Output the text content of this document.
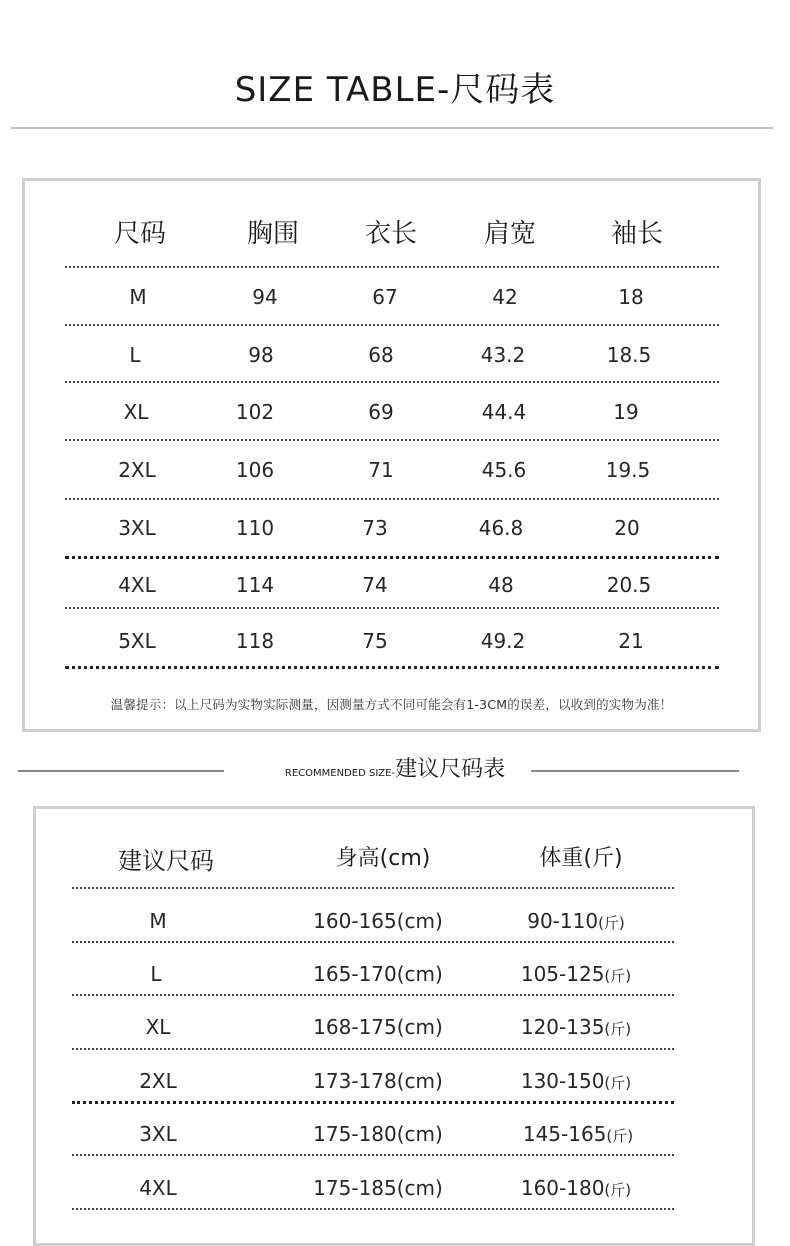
SIZE TABLE-尺码表
尺码	胸围	衣长	肩宽	袖长
M	94	67	42	18
L	98	68	43.2	18.5
XL	102	69	44.4	19
2XL	106	71	45.6	19.5
3XL	110	73	46.8	20
4XL	114	74	48	20.5
5XL	118	75	49.2	21
温馨提示：以上尺码为实物实际测量，因测量方式不同可能会有1-3CM的误差，以收到的实物为准！
RECOMMENDED SIZE-建议尺码表
建议尺码	身高(cm)	体重(斤)
M	160-165(cm)	90-110(斤)
L	165-170(cm)	105-125(斤)
XL	168-175(cm)	120-135(斤)
2XL	173-178(cm)	130-150(斤)
3XL	175-180(cm)	145-165(斤)
4XL	175-185(cm)	160-180(斤)
